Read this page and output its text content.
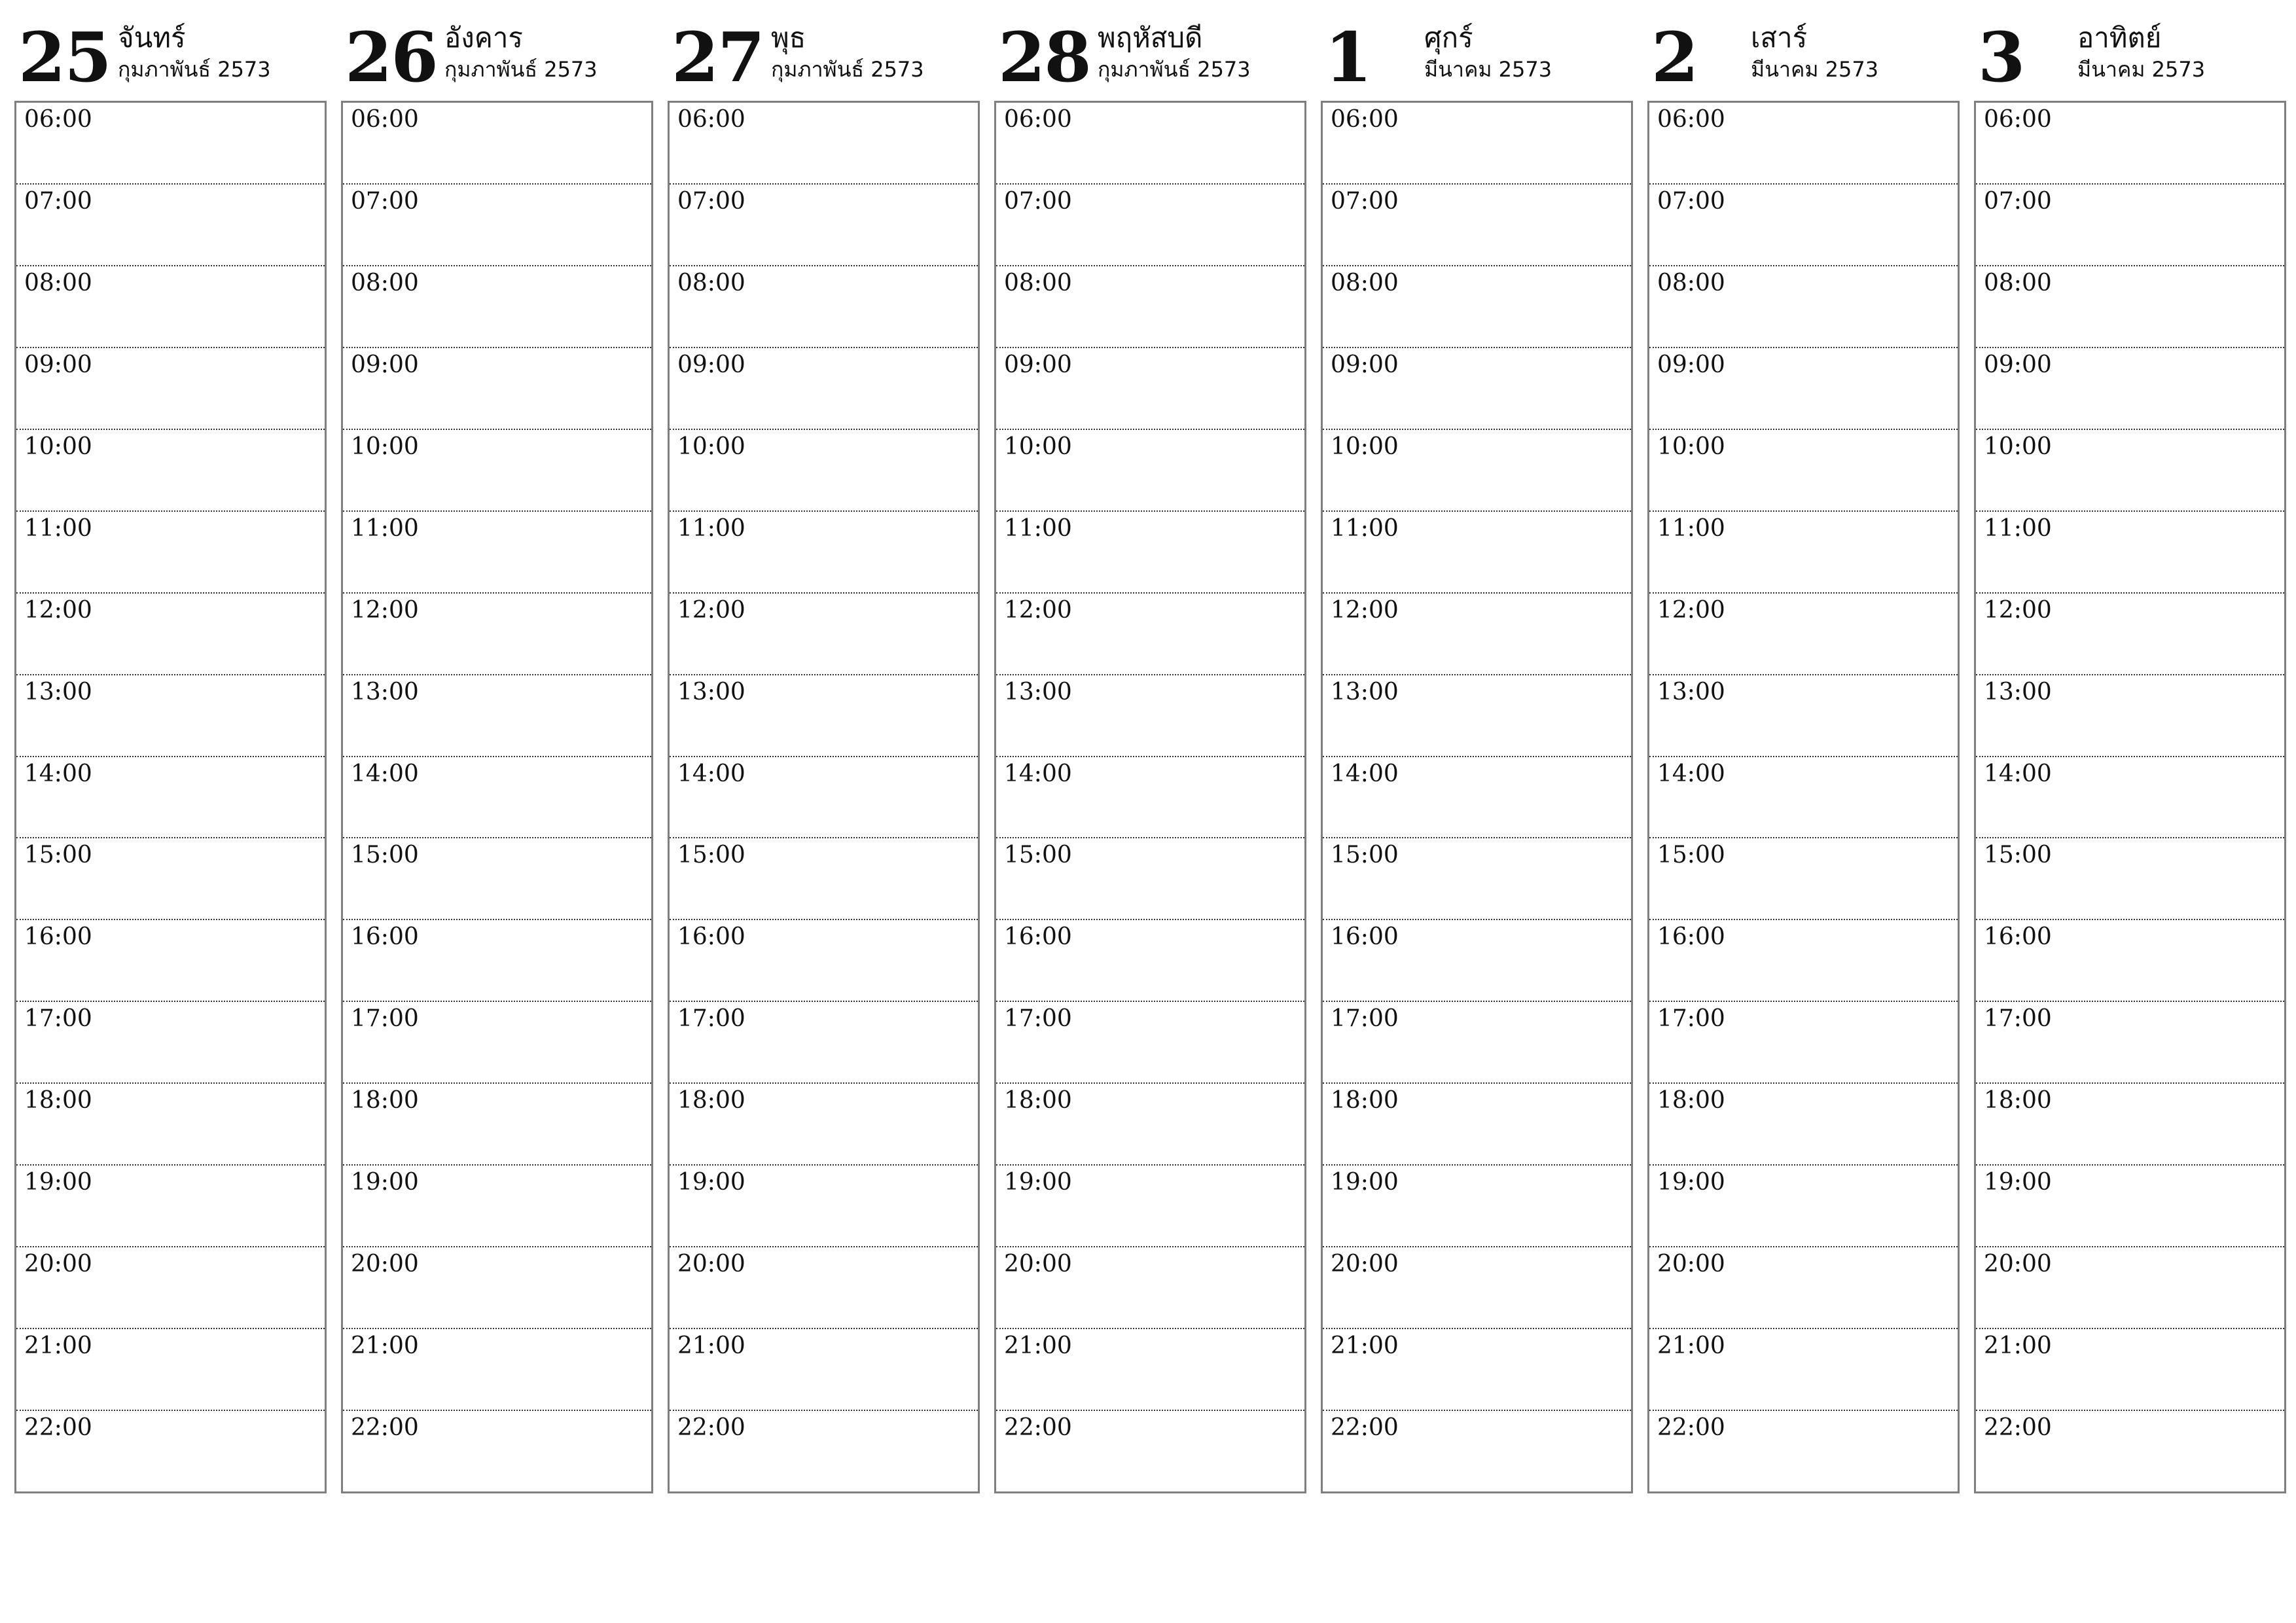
25 จันทร์
กุมภาพันธ์ 2573
06:00
07:00
08:00
09:00
10:00
11:00
12:00
13:00
14:00
15:00
16:00
17:00
18:00
19:00
20:00
21:00
22:00
26 อังคาร
กุมภาพันธ์ 2573
06:00
07:00
08:00
09:00
10:00
11:00
12:00
13:00
14:00
15:00
16:00
17:00
18:00
19:00
20:00
21:00
22:00
27 พุธ
กุมภาพันธ์ 2573
06:00
07:00
08:00
09:00
10:00
11:00
12:00
13:00
14:00
15:00
16:00
17:00
18:00
19:00
20:00
21:00
22:00
28 พฤหัสบดี
กุมภาพันธ์ 2573
06:00
07:00
08:00
09:00
10:00
11:00
12:00
13:00
14:00
15:00
16:00
17:00
18:00
19:00
20:00
21:00
22:00
1 ศุกร์
มีนาคม 2573
06:00
07:00
08:00
09:00
10:00
11:00
12:00
13:00
14:00
15:00
16:00
17:00
18:00
19:00
20:00
21:00
22:00
2 เสาร์
มีนาคม 2573
06:00
07:00
08:00
09:00
10:00
11:00
12:00
13:00
14:00
15:00
16:00
17:00
18:00
19:00
20:00
21:00
22:00
3 อาทิตย์
มีนาคม 2573
06:00
07:00
08:00
09:00
10:00
11:00
12:00
13:00
14:00
15:00
16:00
17:00
18:00
19:00
20:00
21:00
22:00
